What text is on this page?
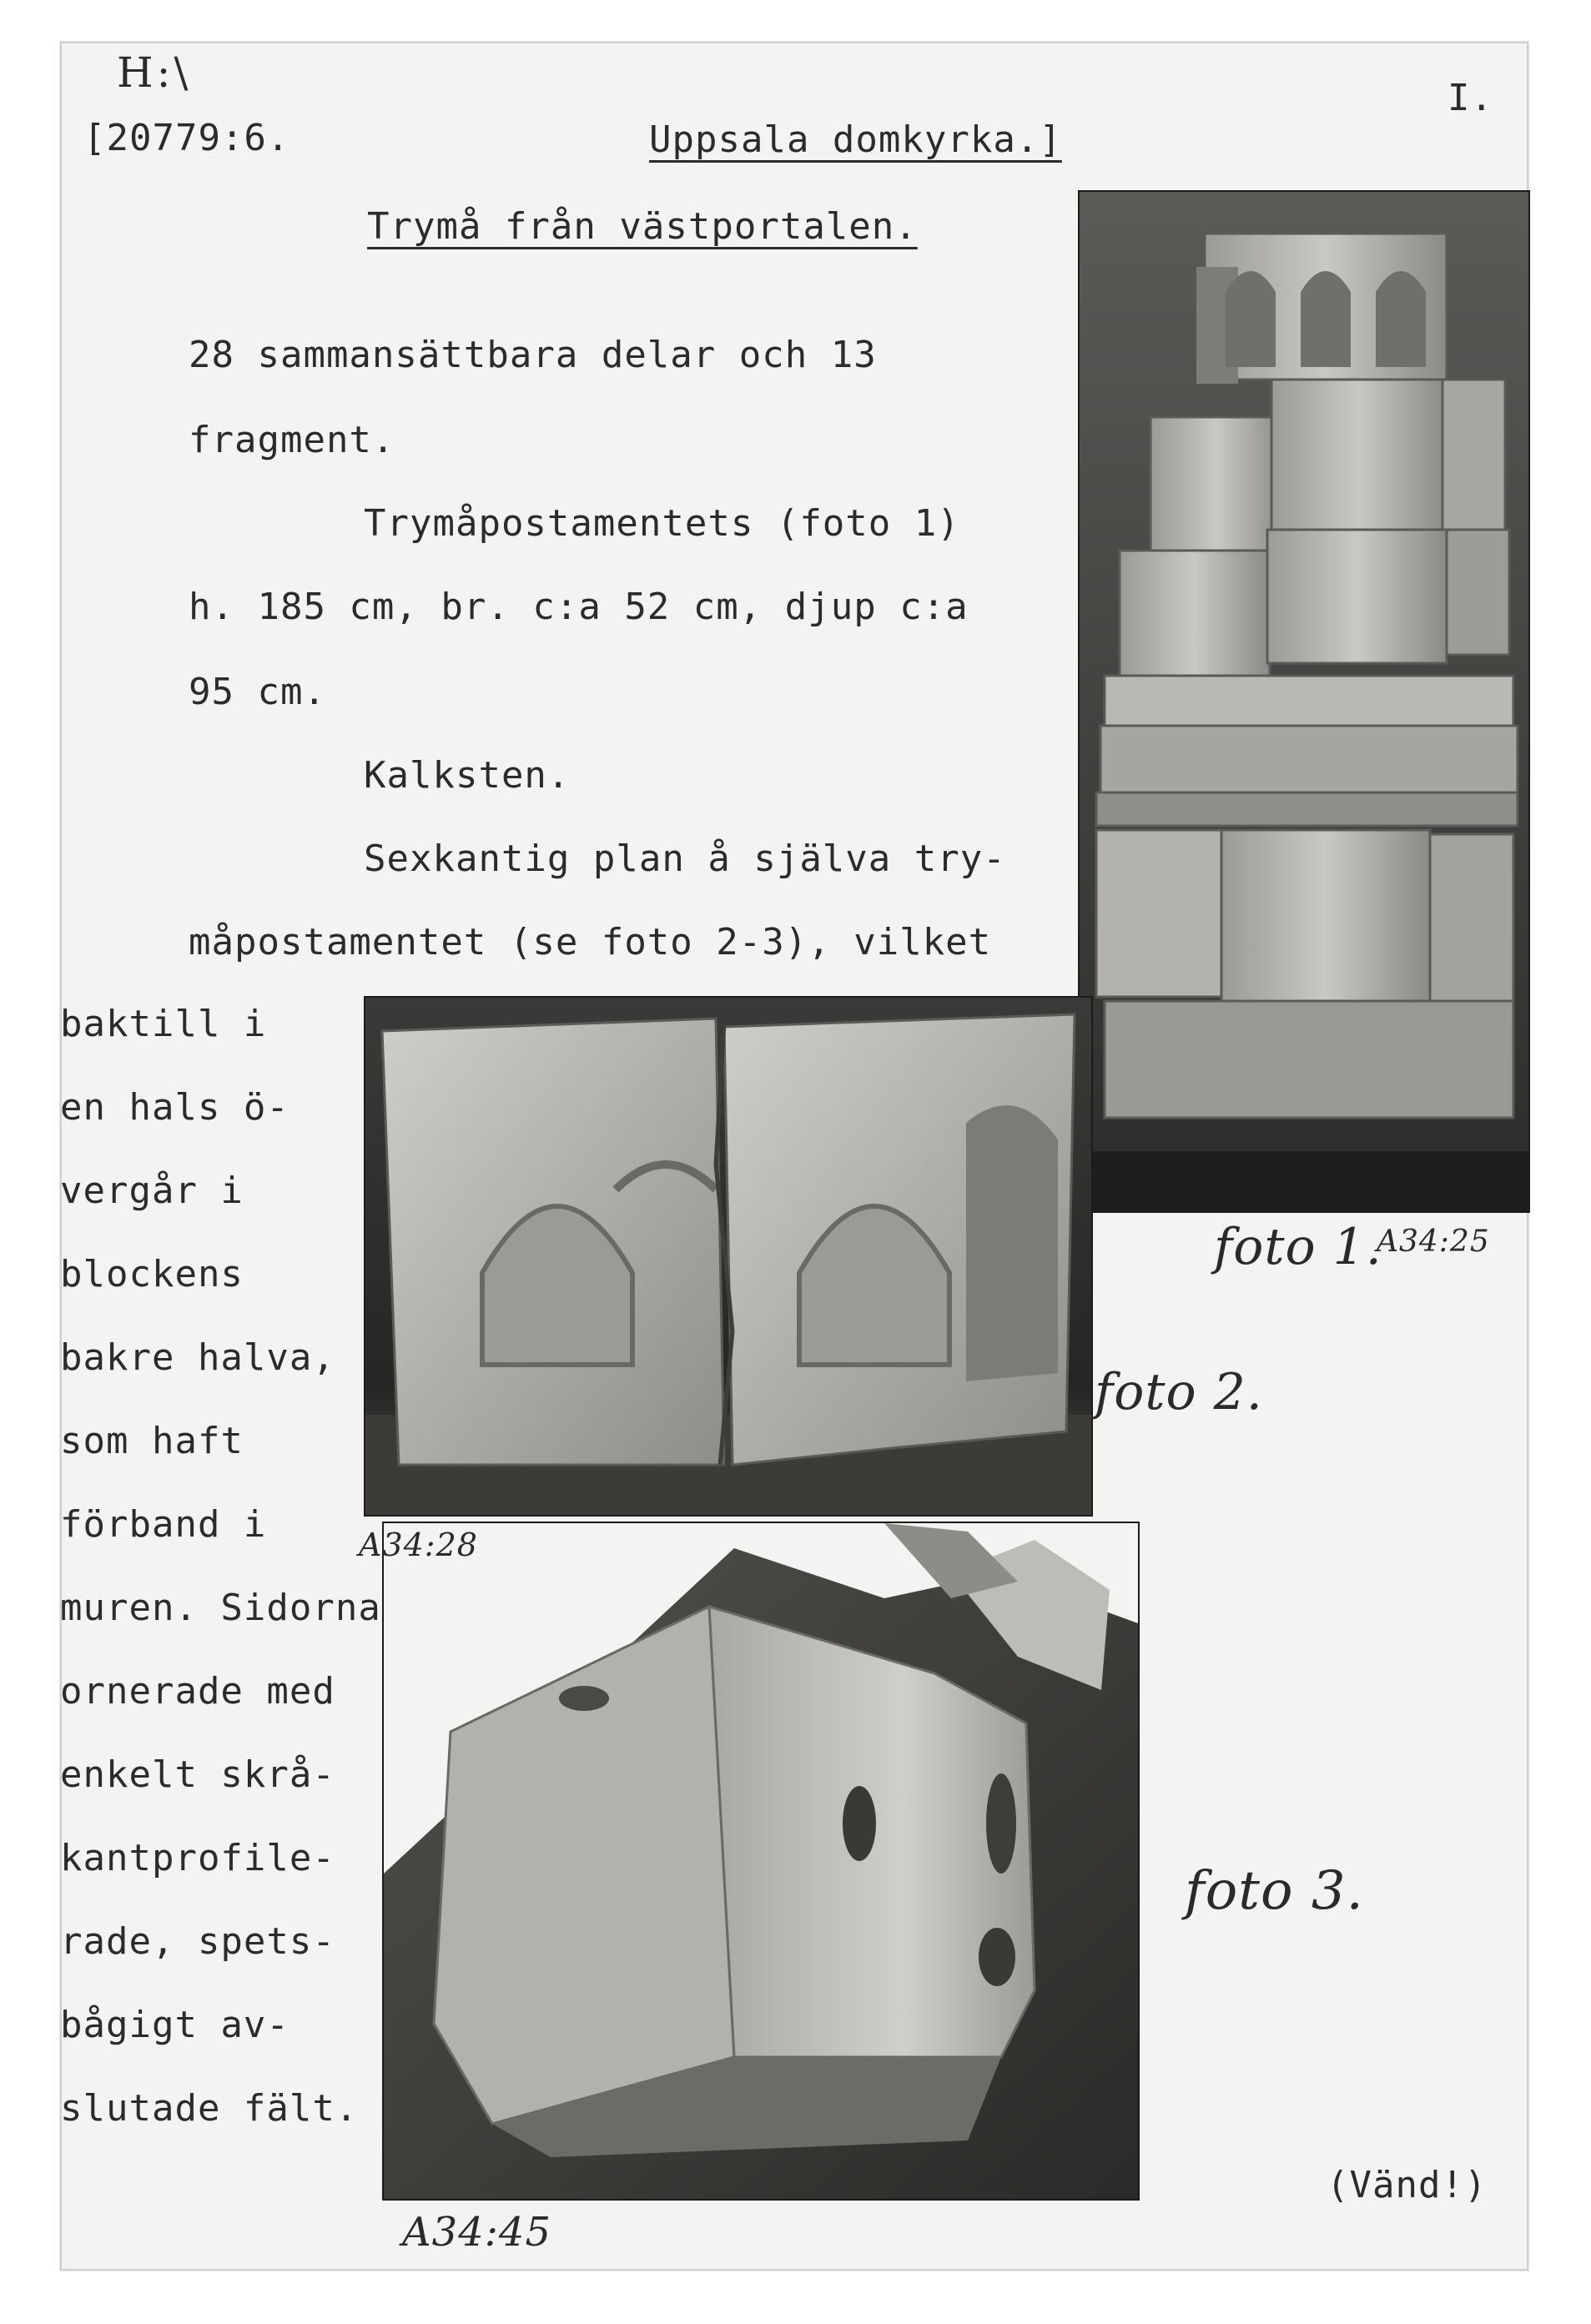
H:\
[20779:6.
I.
Uppsala domkyrka.]
Trymå från västportalen.
28 sammansättbara delar och 13
fragment.
Trymåpostamentets (foto 1)
h. 185 cm, br. c:a 52 cm, djup c:a
95 cm.
Kalksten.
Sexkantig plan å själva try-
måpostamentet (se foto 2-3), vilket
baktill i
en hals ö-
vergår i
blockens
bakre halva,
som haft
förband i
muren. Sidorna
ornerade med
enkelt skrå-
kantprofile-
rade, spets-
bågigt av-
slutade fält.
foto 1.
A34:25
foto 2.
A34:28
foto 3.
A34:45
(Vänd!)
